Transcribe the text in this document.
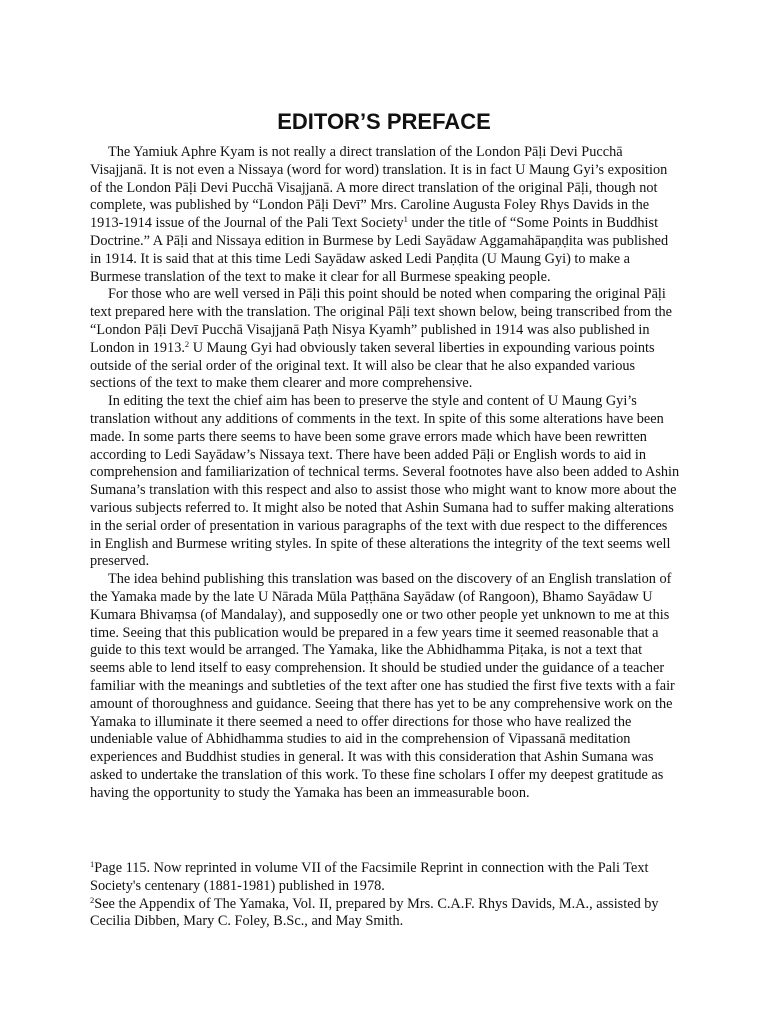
EDITOR’S PREFACE

The Yamiuk Aphre Kyam is not really a direct translation of the London Pāḷi Devi Pucchā Visajjanā. It is not even a Nissaya (word for word) translation. It is in fact U Maung Gyi’s exposition of the London Pāḷi Devi Pucchā Visajjanā. A more direct translation of the original Pāḷi, though not complete, was published by “London Pāḷi Devī” Mrs. Caroline Augusta Foley Rhys Davids in the 1913-1914 issue of the Journal of the Pali Text Society$^1$ under the title of “Some Points in Buddhist Doctrine.” A Pāḷi and Nissaya edition in Burmese by Ledi Sayādaw Aggamahāpaṇḍita was published in 1914. It is said that at this time Ledi Sayādaw asked Ledi Paṇḍita (U Maung Gyi) to make a Burmese translation of the text to make it clear for all Burmese speaking people.

For those who are well versed in Pāḷi this point should be noted when comparing the original Pāḷi text prepared here with the translation. The original Pāḷi text shown below, being transcribed from the “London Pāḷi Devī Pucchā Visajjanā Paṭh Nisya Kyamh” published in 1914 was also published in London in 1913.$^2$ U Maung Gyi had obviously taken several liberties in expounding various points outside of the serial order of the original text. It will also be clear that he also expanded various sections of the text to make them clearer and more comprehensive.

In editing the text the chief aim has been to preserve the style and content of U Maung Gyi’s translation without any additions of comments in the text. In spite of this some alterations have been made. In some parts there seems to have been some grave errors made which have been rewritten according to Ledi Sayādaw’s Nissaya text. There have been added Pāḷi or English words to aid in comprehension and familiarization of technical terms. Several footnotes have also been added to Ashin Sumana’s translation with this respect and also to assist those who might want to know more about the various subjects referred to. It might also be noted that Ashin Sumana had to suffer making alterations in the serial order of presentation in various paragraphs of the text with due respect to the differences in English and Burmese writing styles. In spite of these alterations the integrity of the text seems well preserved.

The idea behind publishing this translation was based on the discovery of an English translation of the Yamaka made by the late U Nārada Mūla Paṭṭhāna Sayādaw (of Rangoon), Bhamo Sayādaw U Kumara Bhivaṃsa (of Mandalay), and supposedly one or two other people yet unknown to me at this time. Seeing that this publication would be prepared in a few years time it seemed reasonable that a guide to this text would be arranged. The Yamaka, like the Abhidhamma Piṭaka, is not a text that seems able to lend itself to easy comprehension. It should be studied under the guidance of a teacher familiar with the meanings and subtleties of the text after one has studied the first five texts with a fair amount of thoroughness and guidance. Seeing that there has yet to be any comprehensive work on the Yamaka to illuminate it there seemed a need to offer directions for those who have realized the undeniable value of Abhidhamma studies to aid in the comprehension of Vipassanā meditation experiences and Buddhist studies in general. It was with this consideration that Ashin Sumana was asked to undertake the translation of this work. To these fine scholars I offer my deepest gratitude as having the opportunity to study the Yamaka has been an immeasurable boon.

$^1$Page 115. Now reprinted in volume VII of the Facsimile Reprint in connection with the Pali Text Society's centenary (1881-1981) published in 1978.

$^2$See the Appendix of The Yamaka, Vol. II, prepared by Mrs. C.A.F. Rhys Davids, M.A., assisted by Cecilia Dibben, Mary C. Foley, B.Sc., and May Smith.
